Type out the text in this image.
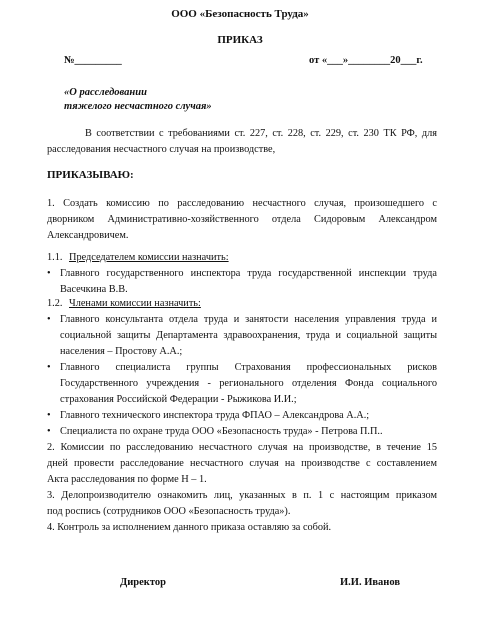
ООО «Безопасность Труда»
ПРИКАЗ
№_________	от «___»________20___г.
«О расследовании
тяжелого несчастного случая»
В соответствии с требованиями ст. 227, ст. 228, ст. 229, ст. 230 ТК РФ, для
расследования несчастного случая на производстве,
ПРИКАЗЫВАЮ:
1. Создать комиссию по расследованию несчастного случая, произошедшего с
дворником Административно-хозяйственного отдела Сидоровым Александром
Александровичем.
1.1. Председателем комиссии назначить:
• Главного государственного инспектора труда государственной инспекции труда
Васечкина В.В.
1.2. Членами комиссии назначить:
• Главного консультанта отдела труда и занятости населения управления труда и
социальной защиты Департамента здравоохранения, труда и социальной защиты
населения – Простову А.А.;
• Главного специалиста группы Страхования профессиональных рисков
Государственного учреждения - регионального отделения Фонда социального
страхования Российской Федерации - Рыжикова И.И.;
• Главного технического инспектора труда ФПАО – Александрова А.А.;
• Специалиста по охране труда ООО «Безопасность труда» - Петрова П.П..
2. Комиссии по расследованию несчастного случая на производстве, в течение 15
дней провести расследование несчастного случая на производстве с составлением
Акта расследования по форме Н – 1.
3. Делопроизводителю ознакомить лиц, указанных в п. 1 с настоящим приказом
под роспись (сотрудников ООО «Безопасность труда»).
4. Контроль за исполнением данного приказа оставляю за собой.
Директор	И.И. Иванов
